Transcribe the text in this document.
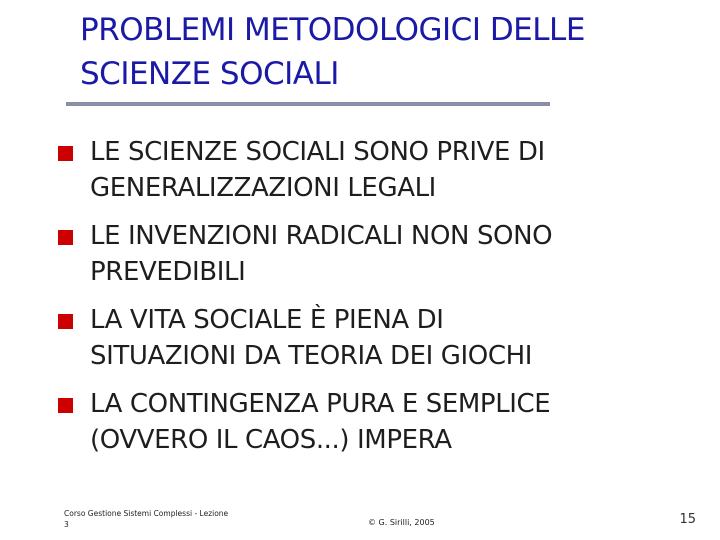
PROBLEMI METODOLOGICI DELLE
SCIENZE SOCIALI
LE SCIENZE SOCIALI SONO PRIVE DI
GENERALIZZAZIONI LEGALI
LE INVENZIONI RADICALI NON SONO
PREVEDIBILI
LA VITA SOCIALE È PIENA DI
SITUAZIONI DA TEORIA DEI GIOCHI
LA CONTINGENZA PURA E SEMPLICE
(OVVERO IL CAOS...) IMPERA
Corso Gestione Sistemi Complessi - Lezione
3	© G. Sirilli, 2005	15
